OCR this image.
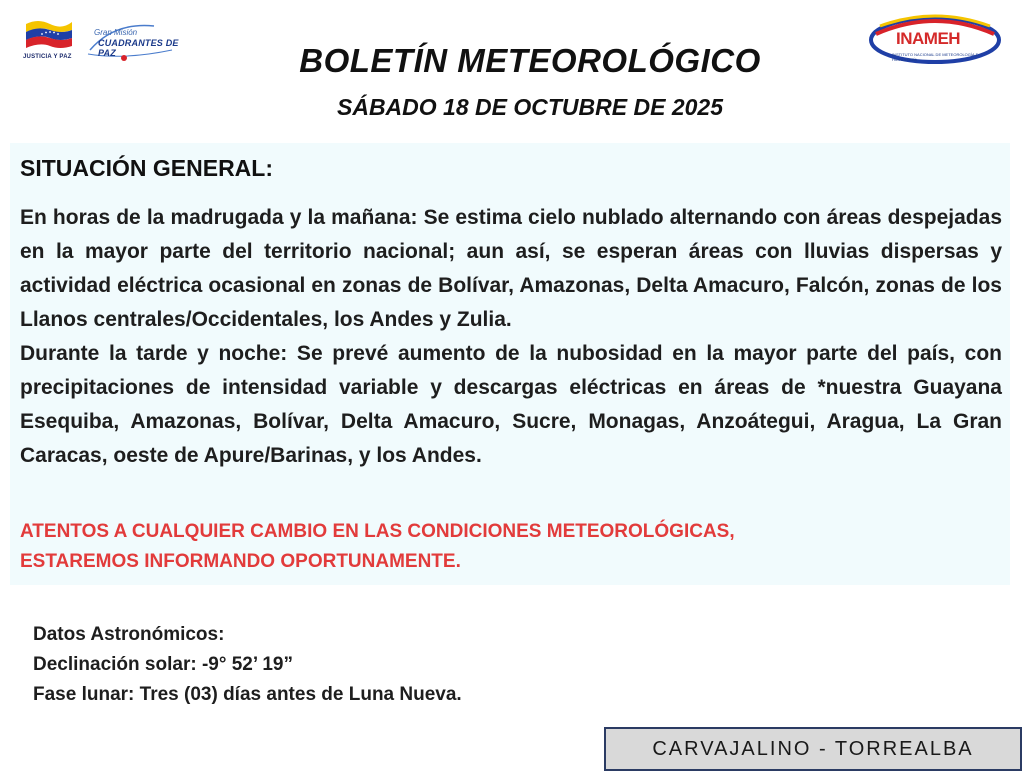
JUSTICIA Y PAZ
Gran Misión
CUADRANTES DE PAZ
INAMEH
INSTITUTO NACIONAL DE METEOROLOGÍA E HIDROLOGÍA
BOLETÍN METEOROLÓGICO
SÁBADO 18 DE OCTUBRE DE 2025
SITUACIÓN GENERAL:

En horas de la madrugada y la mañana: Se estima cielo nublado alternando con áreas despejadas en la mayor parte del territorio nacional; aun así, se esperan áreas con lluvias dispersas y actividad eléctrica ocasional en zonas de Bolívar, Amazonas, Delta Amacuro, Falcón, zonas de los Llanos centrales/Occidentales, los Andes y Zulia.

Durante la tarde y noche: Se prevé aumento de la nubosidad en la mayor parte del país, con precipitaciones de intensidad variable y descargas eléctricas en áreas de *nuestra Guayana Esequiba, Amazonas, Bolívar, Delta Amacuro, Sucre, Monagas, Anzoátegui, Aragua, La Gran Caracas, oeste de Apure/Barinas, y los Andes.

ATENTOS A CUALQUIER CAMBIO EN LAS CONDICIONES METEOROLÓGICAS,

ESTAREMOS INFORMANDO OPORTUNAMENTE.

Datos Astronómicos:

Declinación solar: -9° 52’ 19”

Fase lunar: Tres (03) días antes de Luna Nueva.

CARVAJALINO - TORREALBA
